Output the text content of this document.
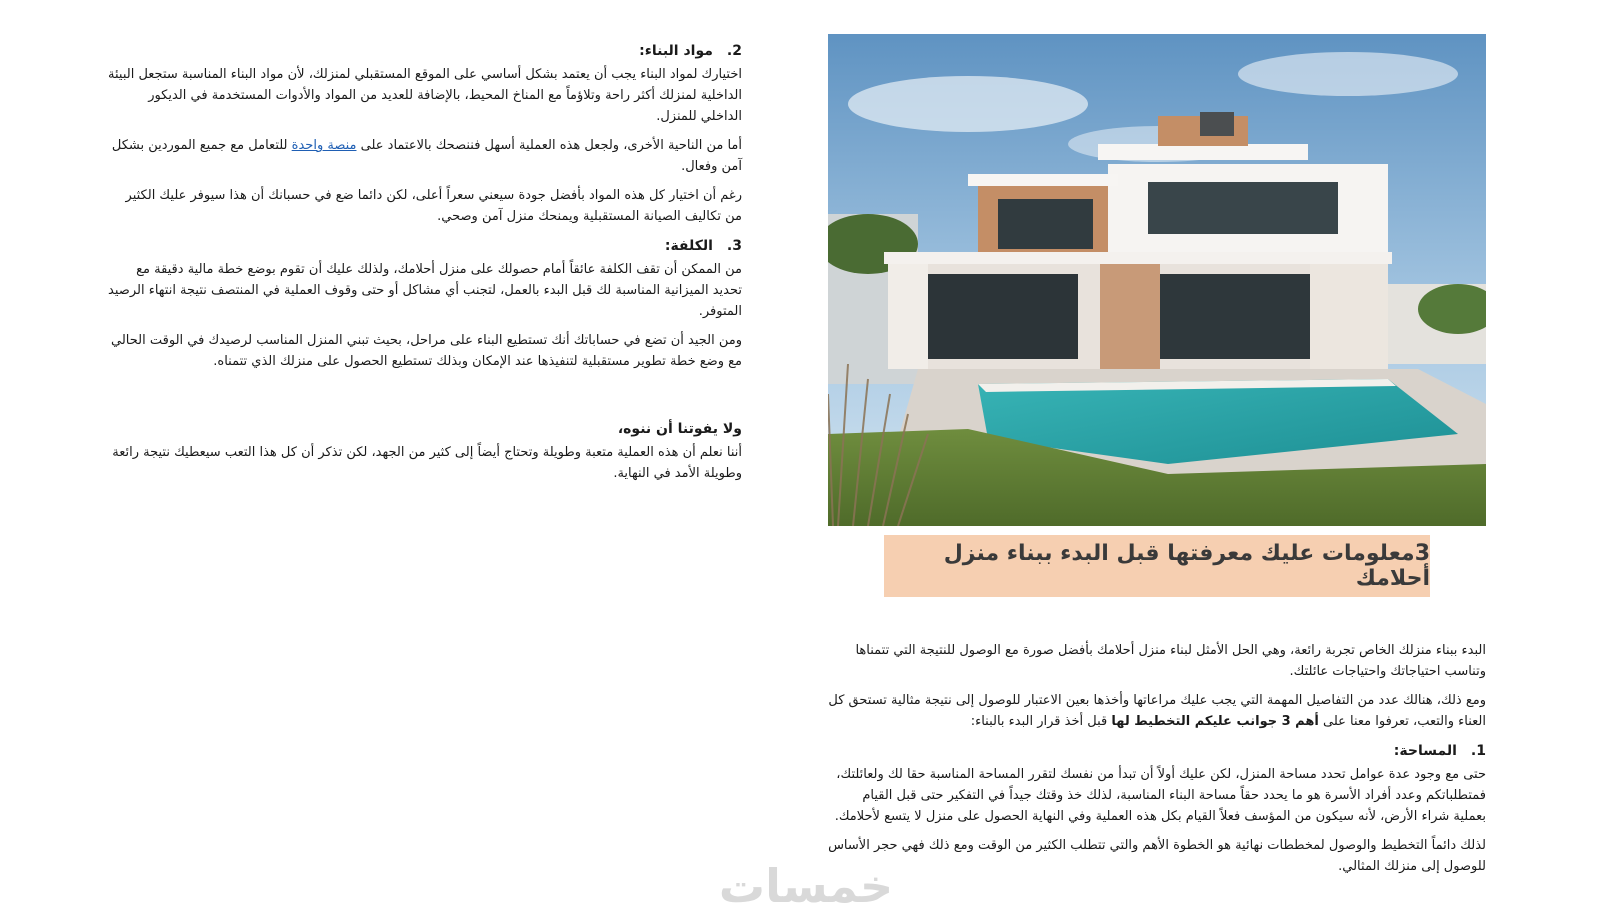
2.مواد البناء:

اختيارك لمواد البناء يجب أن يعتمد بشكل أساسي على الموقع المستقبلي لمنزلك، لأن مواد البناء المناسبة ستجعل البيئة الداخلية لمنزلك أكثر راحة وتلاؤماً مع المناخ المحيط، بالإضافة للعديد من المواد والأدوات المستخدمة في الديكور الداخلي للمنزل.

أما من الناحية الأخرى، ولجعل هذه العملية أسهل فننصحك بالاعتماد على منصة واحدة للتعامل مع جميع الموردين بشكل آمن وفعال.

رغم أن اختيار كل هذه المواد بأفضل جودة سيعني سعراً أعلى، لكن دائما ضع في حسبانك أن هذا سيوفر عليك الكثير من تكاليف الصيانة المستقبلية ويمنحك منزل آمن وصحي.

3.الكلفة:

من الممكن أن تقف الكلفة عائقاً أمام حصولك على منزل أحلامك، ولذلك عليك أن تقوم بوضع خطة مالية دقيقة مع تحديد الميزانية المناسبة لك قبل البدء بالعمل، لتجنب أي مشاكل أو حتى وقوف العملية في المنتصف نتيجة انتهاء الرصيد المتوفر.

ومن الجيد أن تضع في حساباتك أنك تستطيع البناء على مراحل، بحيث تبني المنزل المناسب لرصيدك في الوقت الحالي مع وضع خطة تطوير مستقبلية لتنفيذها عند الإمكان وبذلك تستطيع الحصول على منزلك الذي تتمناه.

ولا يفوتنا أن ننوه،

أننا نعلم أن هذه العملية متعبة وطويلة وتحتاج أيضاً إلى كثير من الجهد، لكن تذكر أن كل هذا التعب سيعطيك نتيجة رائعة وطويلة الأمد في النهاية.

3معلومات عليك معرفتها قبل البدء ببناء منزل أحلامك

البدء ببناء منزلك الخاص تجربة رائعة، وهي الحل الأمثل لبناء منزل أحلامك بأفضل صورة مع الوصول للنتيجة التي تتمناها وتناسب احتياجاتك واحتياجات عائلتك.

ومع ذلك، هنالك عدد من التفاصيل المهمة التي يجب عليك مراعاتها وأخذها بعين الاعتبار للوصول إلى نتيجة مثالية تستحق كل العناء والتعب، تعرفوا معنا على أهم 3 جوانب عليكم التخطيط لها قبل أخذ قرار البدء بالبناء:

1.المساحة:

حتى مع وجود عدة عوامل تحدد مساحة المنزل، لكن عليك أولاً أن تبدأ من نفسك لتقرر المساحة المناسبة حقا لك ولعائلتك، فمتطلباتكم وعدد أفراد الأسرة هو ما يحدد حقاً مساحة البناء المناسبة، لذلك خذ وقتك جيداً في التفكير حتى قبل القيام بعملية شراء الأرض، لأنه سيكون من المؤسف فعلاً القيام بكل هذه العملية وفي النهاية الحصول على منزل لا يتسع لأحلامك.

لذلك دائماً التخطيط والوصول لمخططات نهائية هو الخطوة الأهم والتي تتطلب الكثير من الوقت ومع ذلك فهي حجر الأساس للوصول إلى منزلك المثالي.

خمسات
